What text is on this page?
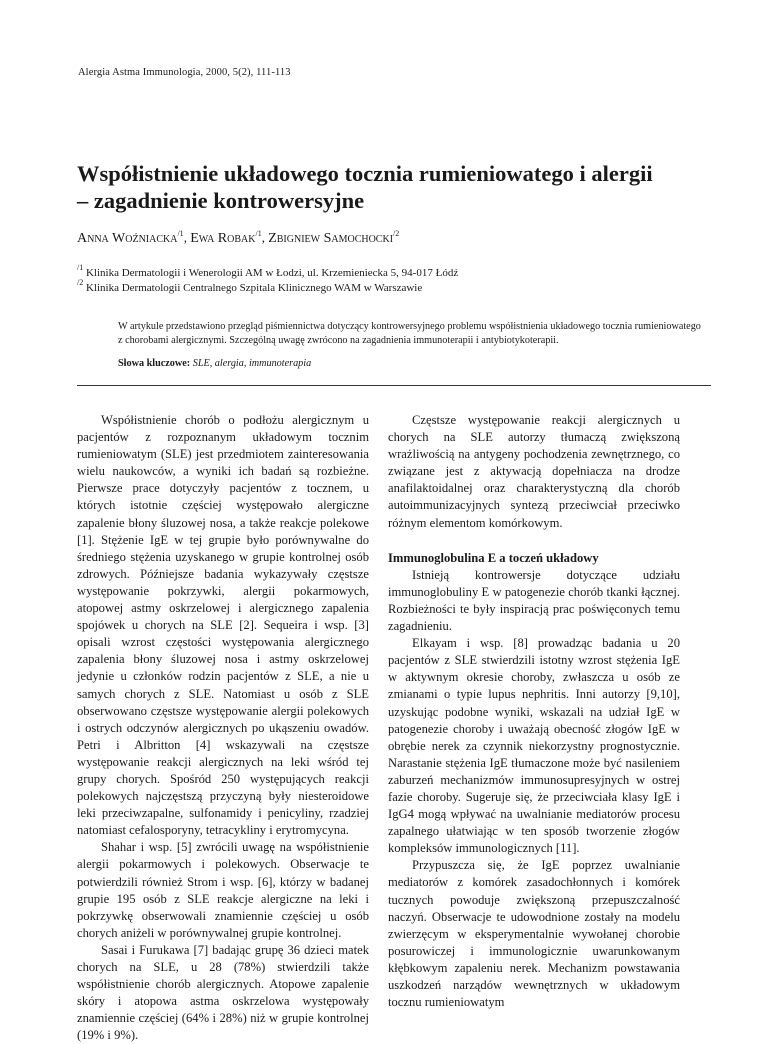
Alergia Astma Immunologia, 2000, 5(2), 111-113
Współistnienie układowego tocznia rumieniowatego i alergii
– zagadnienie kontrowersyjne
Anna Woźniacka$^{/1}$, Ewa Robak$^{/1}$, Zbigniew Samochocki$^{/2}$
$^{/1}$ Klinika Dermatologii i Wenerologii AM w Łodzi, ul. Krzemieniecka 5, 94-017 Łódź
$^{/2}$ Klinika Dermatologii Centralnego Szpitala Klinicznego WAM w Warszawie
W artykule przedstawiono przegląd piśmiennictwa dotyczący kontrowersyjnego problemu współistnienia układowego tocznia rumieniowatego z chorobami alergicznymi. Szczególną uwagę zwrócono na zagadnienia immunoterapii i antybiotykoterapii.
Słowa kluczowe: SLE, alergia, immunoterapia

Współistnienie chorób o podłożu alergicznym u pacjentów z rozpoznanym układowym tocznim rumieniowatym (SLE) jest przedmiotem zainteresowania wielu naukowców, a wyniki ich badań są rozbieżne. Pierwsze prace dotyczyły pacjentów z tocznem, u których istotnie częściej występowało alergiczne zapalenie błony śluzowej nosa, a także reakcje polekowe [1]. Stężenie IgE w tej grupie było porównywalne do średniego stężenia uzyskanego w grupie kontrolnej osób zdrowych. Późniejsze badania wykazywały częstsze występowanie pokrzywki, alergii pokarmowych, atopowej astmy oskrzelowej i alergicznego zapalenia spojówek u chorych na SLE [2]. Sequeira i wsp. [3] opisali wzrost częstości występowania alergicznego zapalenia błony śluzowej nosa i astmy oskrzelowej jedynie u członków rodzin pacjentów z SLE, a nie u samych chorych z SLE. Natomiast u osób z SLE obserwowano częstsze występowanie alergii polekowych i ostrych odczynów alergicznych po ukąszeniu owadów. Petri i Albritton [4] wskazywali na częstsze występowanie reakcji alergicznych na leki wśród tej grupy chorych. Spośród 250 występujących reakcji polekowych najczęstszą przyczyną były niesteroidowe leki przeciwzapalne, sulfonamidy i penicyliny, rzadziej natomiast cefalosporyny, tetracykliny i erytromycyna.

Shahar i wsp. [5] zwrócili uwagę na współistnienie alergii pokarmowych i polekowych. Obserwacje te potwierdzili również Strom i wsp. [6], którzy w badanej grupie 195 osób z SLE reakcje alergiczne na leki i pokrzywkę obserwowali znamiennie częściej u osób chorych aniżeli w porównywalnej grupie kontrolnej.

Sasai i Furukawa [7] badając grupę 36 dzieci matek chorych na SLE, u 28 (78%) stwierdzili także współistnienie chorób alergicznych. Atopowe zapalenie skóry i atopowa astma oskrzelowa występowały znamiennie częściej (64% i 28%) niż w grupie kontrolnej (19% i 9%).

Częstsze występowanie reakcji alergicznych u chorych na SLE autorzy tłumaczą zwiększoną wrażliwością na antygeny pochodzenia zewnętrznego, co związane jest z aktywacją dopełniacza na drodze anafilaktoidalnej oraz charakterystyczną dla chorób autoimmunizacyjnych syntezą przeciwciał przeciwko różnym elementom komórkowym.

Immunoglobulina E a toczeń układowy

Istnieją kontrowersje dotyczące udziału immunoglobuliny E w patogenezie chorób tkanki łącznej. Rozbieżności te były inspiracją prac poświęconych temu zagadnieniu.

Elkayam i wsp. [8] prowadząc badania u 20 pacjentów z SLE stwierdzili istotny wzrost stężenia IgE w aktywnym okresie choroby, zwłaszcza u osób ze zmianami o typie lupus nephritis. Inni autorzy [9,10], uzyskując podobne wyniki, wskazali na udział IgE w patogenezie choroby i uważają obecność złogów IgE w obrębie nerek za czynnik niekorzystny prognostycznie. Narastanie stężenia IgE tłumaczone może być nasileniem zaburzeń mechanizmów immunosupresyjnych w ostrej fazie choroby. Sugeruje się, że przeciwciała klasy IgE i IgG4 mogą wpływać na uwalnianie mediatorów procesu zapalnego ułatwiając w ten sposób tworzenie złogów kompleksów immunologicznych [11].

Przypuszcza się, że IgE poprzez uwalnianie mediatorów z komórek zasadochłonnych i komórek tucznych powoduje zwiększoną przepuszczalność naczyń. Obserwacje te udowodnione zostały na modelu zwierzęcym w eksperymentalnie wywołanej chorobie posurowiczej i immunologicznie uwarunkowanym kłębkowym zapaleniu nerek. Mechanizm powstawania uszkodzeń narządów wewnętrznych w układowym tocznu rumieniowatym
